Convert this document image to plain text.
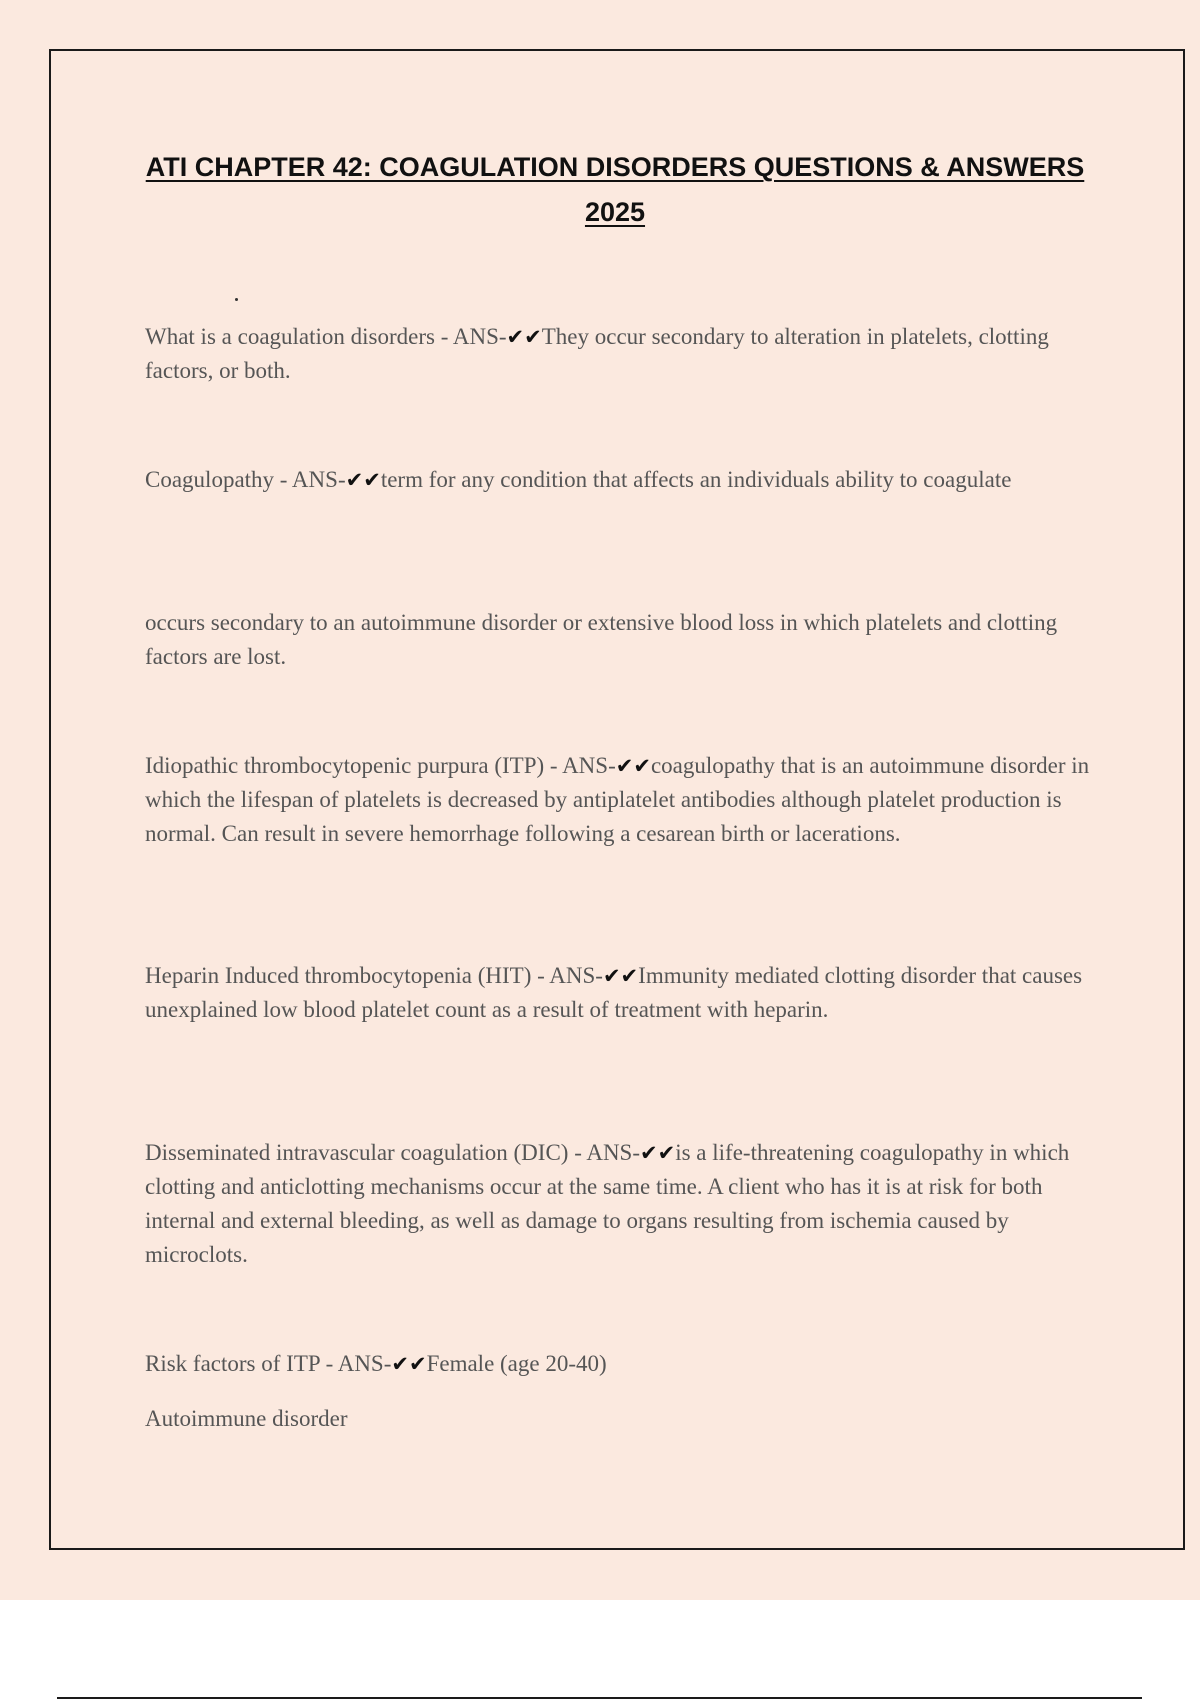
ATI CHAPTER 42: COAGULATION DISORDERS QUESTIONS & ANSWERS
2025

What is a coagulation disorders - ANS-✔✔They occur secondary to alteration in platelets, clotting factors, or both.

Coagulopathy - ANS-✔✔term for any condition that affects an individuals ability to coagulate

occurs secondary to an autoimmune disorder or extensive blood loss in which platelets and clotting factors are lost.

Idiopathic thrombocytopenic purpura (ITP) - ANS-✔✔coagulopathy that is an autoimmune disorder in which the lifespan of platelets is decreased by antiplatelet antibodies although platelet production is normal. Can result in severe hemorrhage following a cesarean birth or lacerations.

Heparin Induced thrombocytopenia (HIT) - ANS-✔✔Immunity mediated clotting disorder that causes unexplained low blood platelet count as a result of treatment with heparin.

Disseminated intravascular coagulation (DIC) - ANS-✔✔is a life-threatening coagulopathy in which clotting and anticlotting mechanisms occur at the same time. A client who has it is at risk for both internal and external bleeding, as well as damage to organs resulting from ischemia caused by microclots.

Risk factors of ITP - ANS-✔✔Female (age 20-40)

Autoimmune disorder
